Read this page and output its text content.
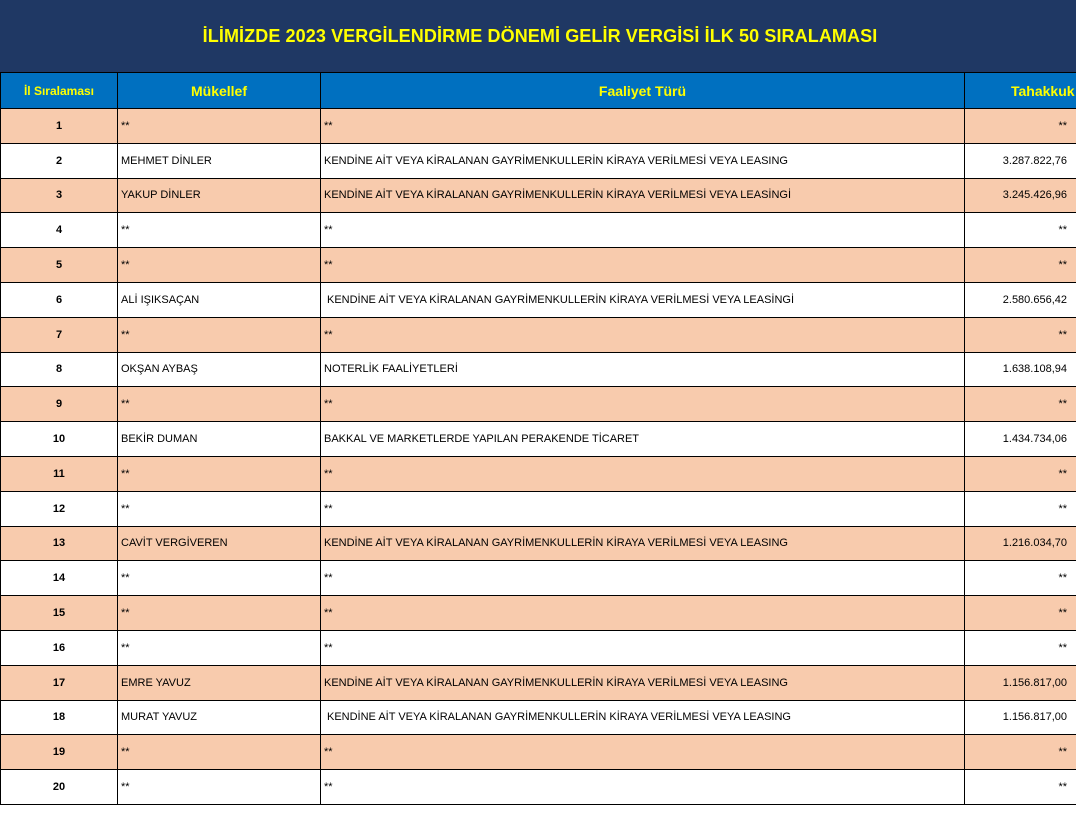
İLİMİZDE 2023 VERGİLENDİRME DÖNEMİ GELİR VERGİSİ İLK 50 SIRALAMASI
İl Sıralaması	Mükellef	Faaliyet Türü	Tahakkuk
1	**	**	**
2	MEHMET DİNLER	KENDİNE AİT VEYA KİRALANAN GAYRİMENKULLERİN KİRAYA VERİLMESİ VEYA LEASING	3.287.822,76
3	YAKUP DİNLER	KENDİNE AİT VEYA KİRALANAN GAYRİMENKULLERİN KİRAYA VERİLMESİ VEYA LEASİNGİ	3.245.426,96
4	**	**	**
5	**	**	**
6	ALİ IŞIKSAÇAN	KENDİNE AİT VEYA KİRALANAN GAYRİMENKULLERİN KİRAYA VERİLMESİ VEYA LEASİNGİ	2.580.656,42
7	**	**	**
8	OKŞAN AYBAŞ	NOTERLİK FAALİYETLERİ	1.638.108,94
9	**	**	**
10	BEKİR DUMAN	BAKKAL VE MARKETLERDE YAPILAN PERAKENDE TİCARET	1.434.734,06
11	**	**	**
12	**	**	**
13	CAVİT VERGİVEREN	KENDİNE AİT VEYA KİRALANAN GAYRİMENKULLERİN KİRAYA VERİLMESİ VEYA LEASING	1.216.034,70
14	**	**	**
15	**	**	**
16	**	**	**
17	EMRE YAVUZ	KENDİNE AİT VEYA KİRALANAN GAYRİMENKULLERİN KİRAYA VERİLMESİ VEYA LEASING	1.156.817,00
18	MURAT YAVUZ	KENDİNE AİT VEYA KİRALANAN GAYRİMENKULLERİN KİRAYA VERİLMESİ VEYA LEASING	1.156.817,00
19	**	**	**
20	**	**	**
